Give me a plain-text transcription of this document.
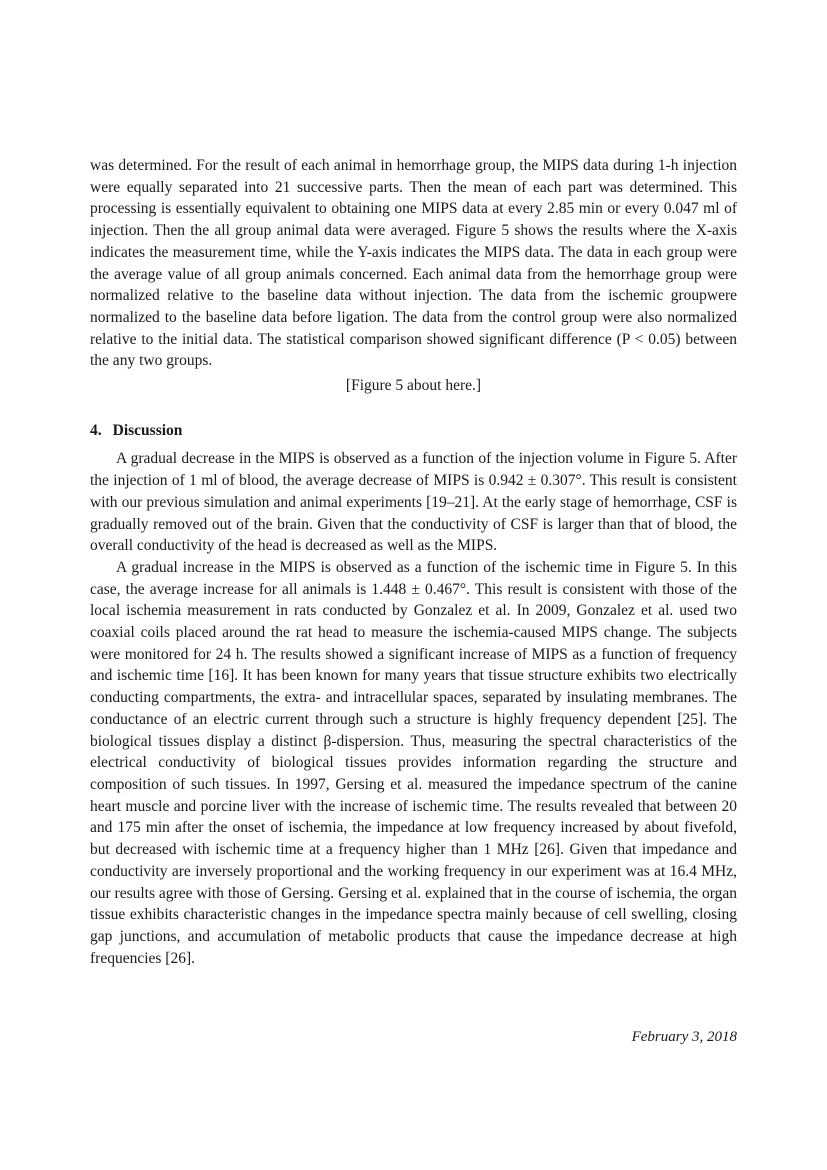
was determined. For the result of each animal in hemorrhage group, the MIPS data during 1-h injection were equally separated into 21 successive parts. Then the mean of each part was determined. This processing is essentially equivalent to obtaining one MIPS data at every 2.85 min or every 0.047 ml of injection. Then the all group animal data were averaged. Figure 5 shows the results where the X-axis indicates the measurement time, while the Y-axis indicates the MIPS data. The data in each group were the average value of all group animals concerned. Each animal data from the hemorrhage group were normalized relative to the baseline data without injection. The data from the ischemic groupwere normalized to the baseline data before ligation. The data from the control group were also normalized relative to the initial data. The statistical comparison showed significant difference (P < 0.05) between the any two groups.

[Figure 5 about here.]

4. Discussion

A gradual decrease in the MIPS is observed as a function of the injection volume in Figure 5. After the injection of 1 ml of blood, the average decrease of MIPS is 0.942 ± 0.307°. This result is consistent with our previous simulation and animal experiments [19–21]. At the early stage of hemorrhage, CSF is gradually removed out of the brain. Given that the conductivity of CSF is larger than that of blood, the overall conductivity of the head is decreased as well as the MIPS.

A gradual increase in the MIPS is observed as a function of the ischemic time in Figure 5. In this case, the average increase for all animals is 1.448 ± 0.467°. This result is consistent with those of the local ischemia measurement in rats conducted by Gonzalez et al. In 2009, Gonzalez et al. used two coaxial coils placed around the rat head to measure the ischemia-caused MIPS change. The subjects were monitored for 24 h. The results showed a significant increase of MIPS as a function of frequency and ischemic time [16]. It has been known for many years that tissue structure exhibits two electrically conducting compartments, the extra- and intracellular spaces, separated by insulating membranes. The conductance of an electric current through such a structure is highly frequency dependent [25]. The biological tissues display a distinct β-dispersion. Thus, measuring the spectral characteristics of the electrical conductivity of biological tissues provides information regarding the structure and composition of such tissues. In 1997, Gersing et al. measured the impedance spectrum of the canine heart muscle and porcine liver with the increase of ischemic time. The results revealed that between 20 and 175 min after the onset of ischemia, the impedance at low frequency increased by about fivefold, but decreased with ischemic time at a frequency higher than 1 MHz [26]. Given that impedance and conductivity are inversely proportional and the working frequency in our experiment was at 16.4 MHz, our results agree with those of Gersing. Gersing et al. explained that in the course of ischemia, the organ tissue exhibits characteristic changes in the impedance spectra mainly because of cell swelling, closing gap junctions, and accumulation of metabolic products that cause the impedance decrease at high frequencies [26].

February 3, 2018
